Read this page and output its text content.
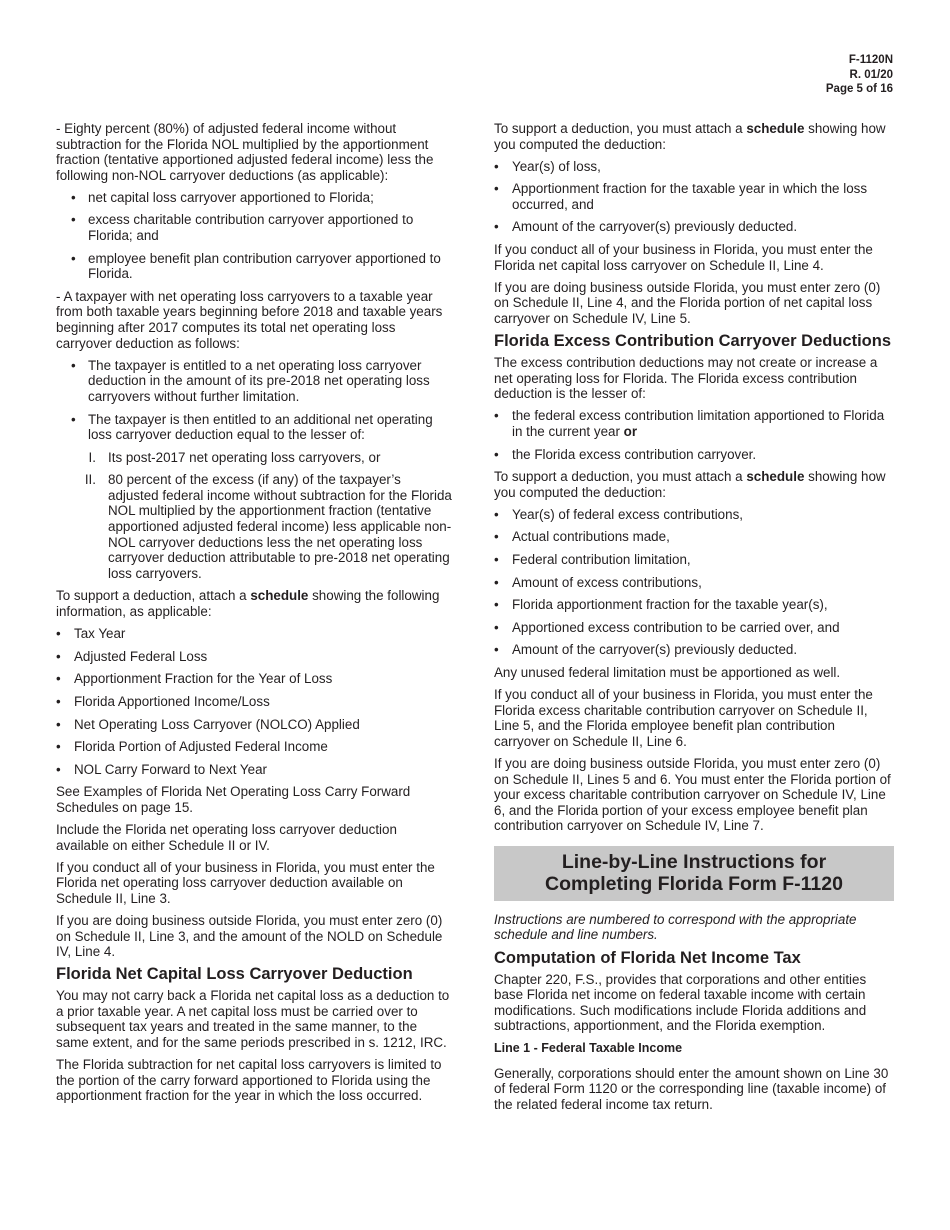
F-1120N
R. 01/20
Page 5 of 16

- Eighty percent (80%) of adjusted federal income without subtraction for the Florida NOL multiplied by the apportionment fraction (tentative apportioned adjusted federal income) less the following non-NOL carryover deductions (as applicable):

• net capital loss carryover apportioned to Florida;
• excess charitable contribution carryover apportioned to Florida; and
• employee benefit plan contribution carryover apportioned to Florida.

- A taxpayer with net operating loss carryovers to a taxable year from both taxable years beginning before 2018 and taxable years beginning after 2017 computes its total net operating loss carryover deduction as follows:

• The taxpayer is entitled to a net operating loss carryover deduction in the amount of its pre-2018 net operating loss carryovers without further limitation.
• The taxpayer is then entitled to an additional net operating loss carryover deduction equal to the lesser of:
I. Its post-2017 net operating loss carryovers, or
II. 80 percent of the excess (if any) of the taxpayer’s adjusted federal income without subtraction for the Florida NOL multiplied by the apportionment fraction (tentative apportioned adjusted federal income) less applicable non-NOL carryover deductions less the net operating loss carryover deduction attributable to pre-2018 net operating loss carryovers.

To support a deduction, attach a schedule showing the following information, as applicable:

• Tax Year
• Adjusted Federal Loss
• Apportionment Fraction for the Year of Loss
• Florida Apportioned Income/Loss
• Net Operating Loss Carryover (NOLCO) Applied
• Florida Portion of Adjusted Federal Income
• NOL Carry Forward to Next Year

See Examples of Florida Net Operating Loss Carry Forward Schedules on page 15.

Include the Florida net operating loss carryover deduction available on either Schedule II or IV.

If you conduct all of your business in Florida, you must enter the Florida net operating loss carryover deduction available on Schedule II, Line 3.

If you are doing business outside Florida, you must enter zero (0) on Schedule II, Line 3, and the amount of the NOLD on Schedule IV, Line 4.

Florida Net Capital Loss Carryover Deduction

You may not carry back a Florida net capital loss as a deduction to a prior taxable year. A net capital loss must be carried over to subsequent tax years and treated in the same manner, to the same extent, and for the same periods prescribed in s. 1212, IRC.

The Florida subtraction for net capital loss carryovers is limited to the portion of the carry forward apportioned to Florida using the apportionment fraction for the year in which the loss occurred.

To support a deduction, you must attach a schedule showing how you computed the deduction:

• Year(s) of loss,
• Apportionment fraction for the taxable year in which the loss occurred, and
• Amount of the carryover(s) previously deducted.

If you conduct all of your business in Florida, you must enter the Florida net capital loss carryover on Schedule II, Line 4.

If you are doing business outside Florida, you must enter zero (0) on Schedule II, Line 4, and the Florida portion of net capital loss carryover on Schedule IV, Line 5.

Florida Excess Contribution Carryover Deductions

The excess contribution deductions may not create or increase a net operating loss for Florida. The Florida excess contribution deduction is the lesser of:

• the federal excess contribution limitation apportioned to Florida in the current year or
• the Florida excess contribution carryover.

To support a deduction, you must attach a schedule showing how you computed the deduction:

• Year(s) of federal excess contributions,
• Actual contributions made,
• Federal contribution limitation,
• Amount of excess contributions,
• Florida apportionment fraction for the taxable year(s),
• Apportioned excess contribution to be carried over, and
• Amount of the carryover(s) previously deducted.

Any unused federal limitation must be apportioned as well.

If you conduct all of your business in Florida, you must enter the Florida excess charitable contribution carryover on Schedule II, Line 5, and the Florida employee benefit plan contribution carryover on Schedule II, Line 6.

If you are doing business outside Florida, you must enter zero (0) on Schedule II, Lines 5 and 6. You must enter the Florida portion of your excess charitable contribution carryover on Schedule IV, Line 6, and the Florida portion of your excess employee benefit plan contribution carryover on Schedule IV, Line 7.

Line-by-Line Instructions for
Completing Florida Form F-1120

Instructions are numbered to correspond with the appropriate schedule and line numbers.

Computation of Florida Net Income Tax

Chapter 220, F.S., provides that corporations and other entities base Florida net income on federal taxable income with certain modifications. Such modifications include Florida additions and subtractions, apportionment, and the Florida exemption.

Line 1 - Federal Taxable Income

Generally, corporations should enter the amount shown on Line 30 of federal Form 1120 or the corresponding line (taxable income) of the related federal income tax return.
